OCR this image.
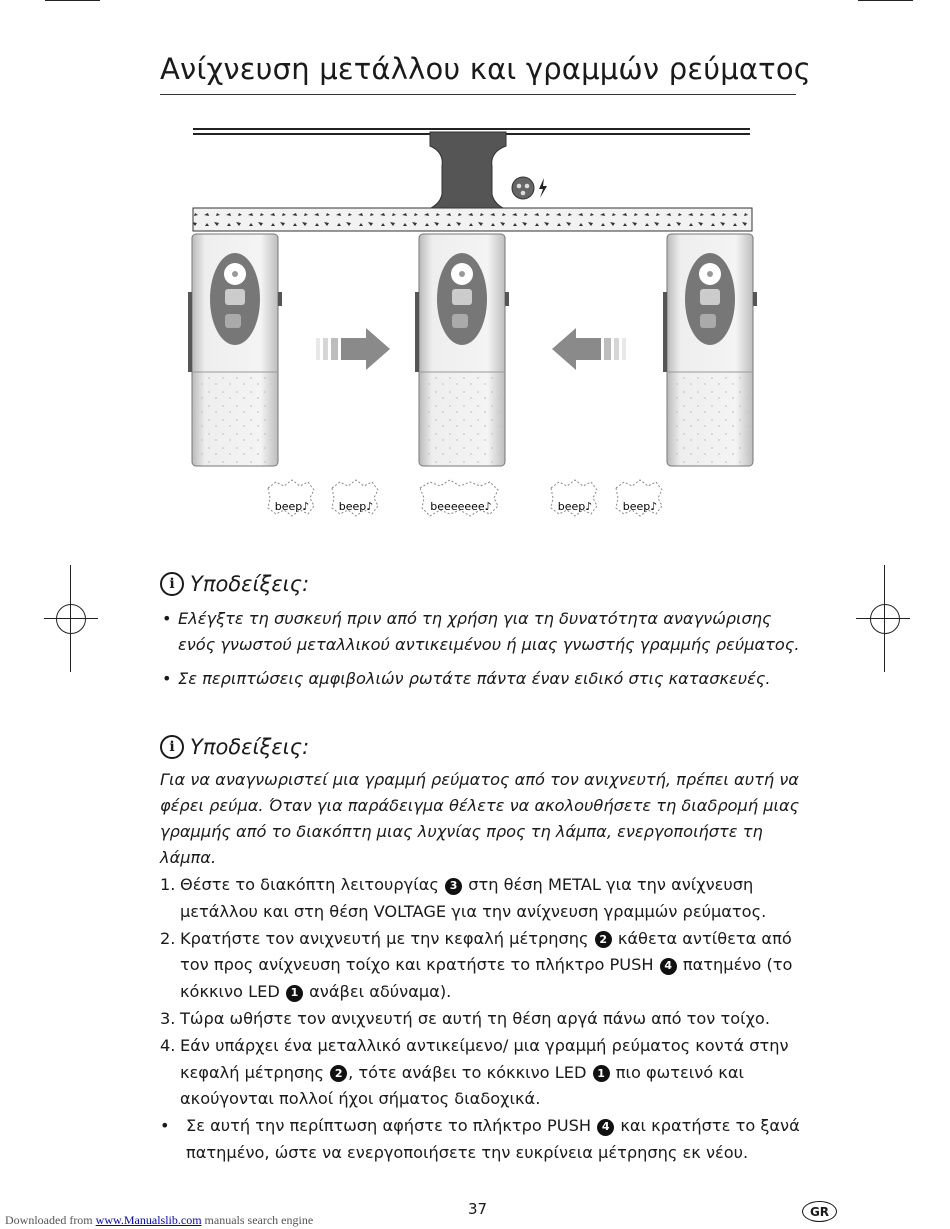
Ανίχνευση μετάλλου και γραμμών ρεύματος
beep♪	beep♪	beeeeeee♪	beep♪	beep♪
i Υποδείξεις:
• Ελέγξτε τη συσκευή πριν από τη χρήση για τη δυνατότητα αναγνώρισης ενός γνωστού μεταλλικού αντικειμένου ή μιας γνωστής γραμμής ρεύματος.
• Σε περιπτώσεις αμφιβολιών ρωτάτε πάντα έναν ειδικό στις κατασκευές.
i Υποδείξεις:
Για να αναγνωριστεί μια γραμμή ρεύματος από τον ανιχνευτή, πρέπει αυτή να φέρει ρεύμα. Όταν για παράδειγμα θέλετε να ακολουθήσετε τη διαδρομή μιας γραμμής από το διακόπτη μιας λυχνίας προς τη λάμπα, ενεργοποιήστε τη λάμπα.
1. Θέστε το διακόπτη λειτουργίας 3 στη θέση METAL για την ανίχνευση μετάλλου και στη θέση VOLTAGE για την ανίχνευση γραμμών ρεύματος.
2. Κρατήστε τον ανιχνευτή με την κεφαλή μέτρησης 2 κάθετα αντίθετα από τον προς ανίχνευση τοίχο και κρατήστε το πλήκτρο PUSH 4 πατημένο (το κόκκινο LED 1 ανάβει αδύναμα).
3. Τώρα ωθήστε τον ανιχνευτή σε αυτή τη θέση αργά πάνω από τον τοίχο.
4. Εάν υπάρχει ένα μεταλλικό αντικείμενο/ μια γραμμή ρεύματος κοντά στην κεφαλή μέτρησης 2 , τότε ανάβει το κόκκινο LED 1 πιο φωτεινό και ακούγονται πολλοί ήχοι σήματος διαδοχικά.
• Σε αυτή την περίπτωση αφήστε το πλήκτρο PUSH 4 και κρατήστε το ξανά πατημένο, ώστε να ενεργοποιήσετε την ευκρίνεια μέτρησης εκ νέου.
37	GR
Downloaded from www.Manualslib.com manuals search engine
